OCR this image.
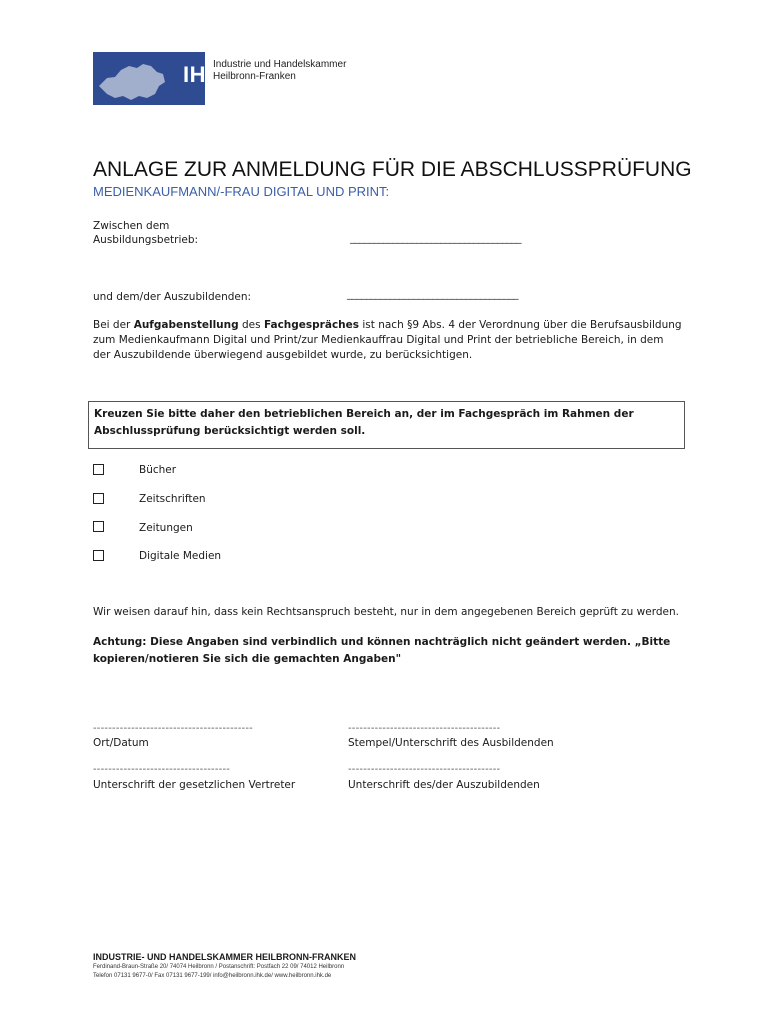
IHK
Industrie und Handelskammer
Heilbronn-Franken
ANLAGE ZUR ANMELDUNG FÜR DIE ABSCHLUSSPRÜFUNG
MEDIENKAUFMANN/-FRAU DIGITAL UND PRINT:
Zwischen dem
Ausbildungsbetrieb:	____________________________________
und dem/der Auszubildenden:	____________________________________
Bei der Aufgabenstellung des Fachgespräches ist nach §9 Abs. 4 der Verordnung über die Berufsausbildung zum Medienkaufmann Digital und Print/zur Medienkauffrau Digital und Print der betriebliche Bereich, in dem der Auszubildende überwiegend ausgebildet wurde, zu berücksichtigen.
Kreuzen Sie bitte daher den betrieblichen Bereich an, der im Fachgespräch im Rahmen der Abschlussprüfung berücksichtigt werden soll.
Bücher
Zeitschriften
Zeitungen
Digitale Medien
Wir weisen darauf hin, dass kein Rechtsanspruch besteht, nur in dem angegebenen Bereich geprüft zu werden.
Achtung: Diese Angaben sind verbindlich und können nachträglich nicht geändert werden. „Bitte kopieren/notieren Sie sich die gemachten Angaben"
------------------------------------------	----------------------------------------
Ort/Datum	Stempel/Unterschrift des Ausbildenden
------------------------------------	----------------------------------------
Unterschrift der gesetzlichen Vertreter	Unterschrift des/der Auszubildenden
INDUSTRIE- UND HANDELSKAMMER HEILBRONN-FRANKEN
Ferdinand-Braun-Straße 20/ 74074 Heilbronn / Postanschrift: Postfach 22 09/ 74012 Heilbronn
Telefon 07131 9677-0/ Fax 07131 9677-199/ info@heilbronn.ihk.de/ www.heilbronn.ihk.de
